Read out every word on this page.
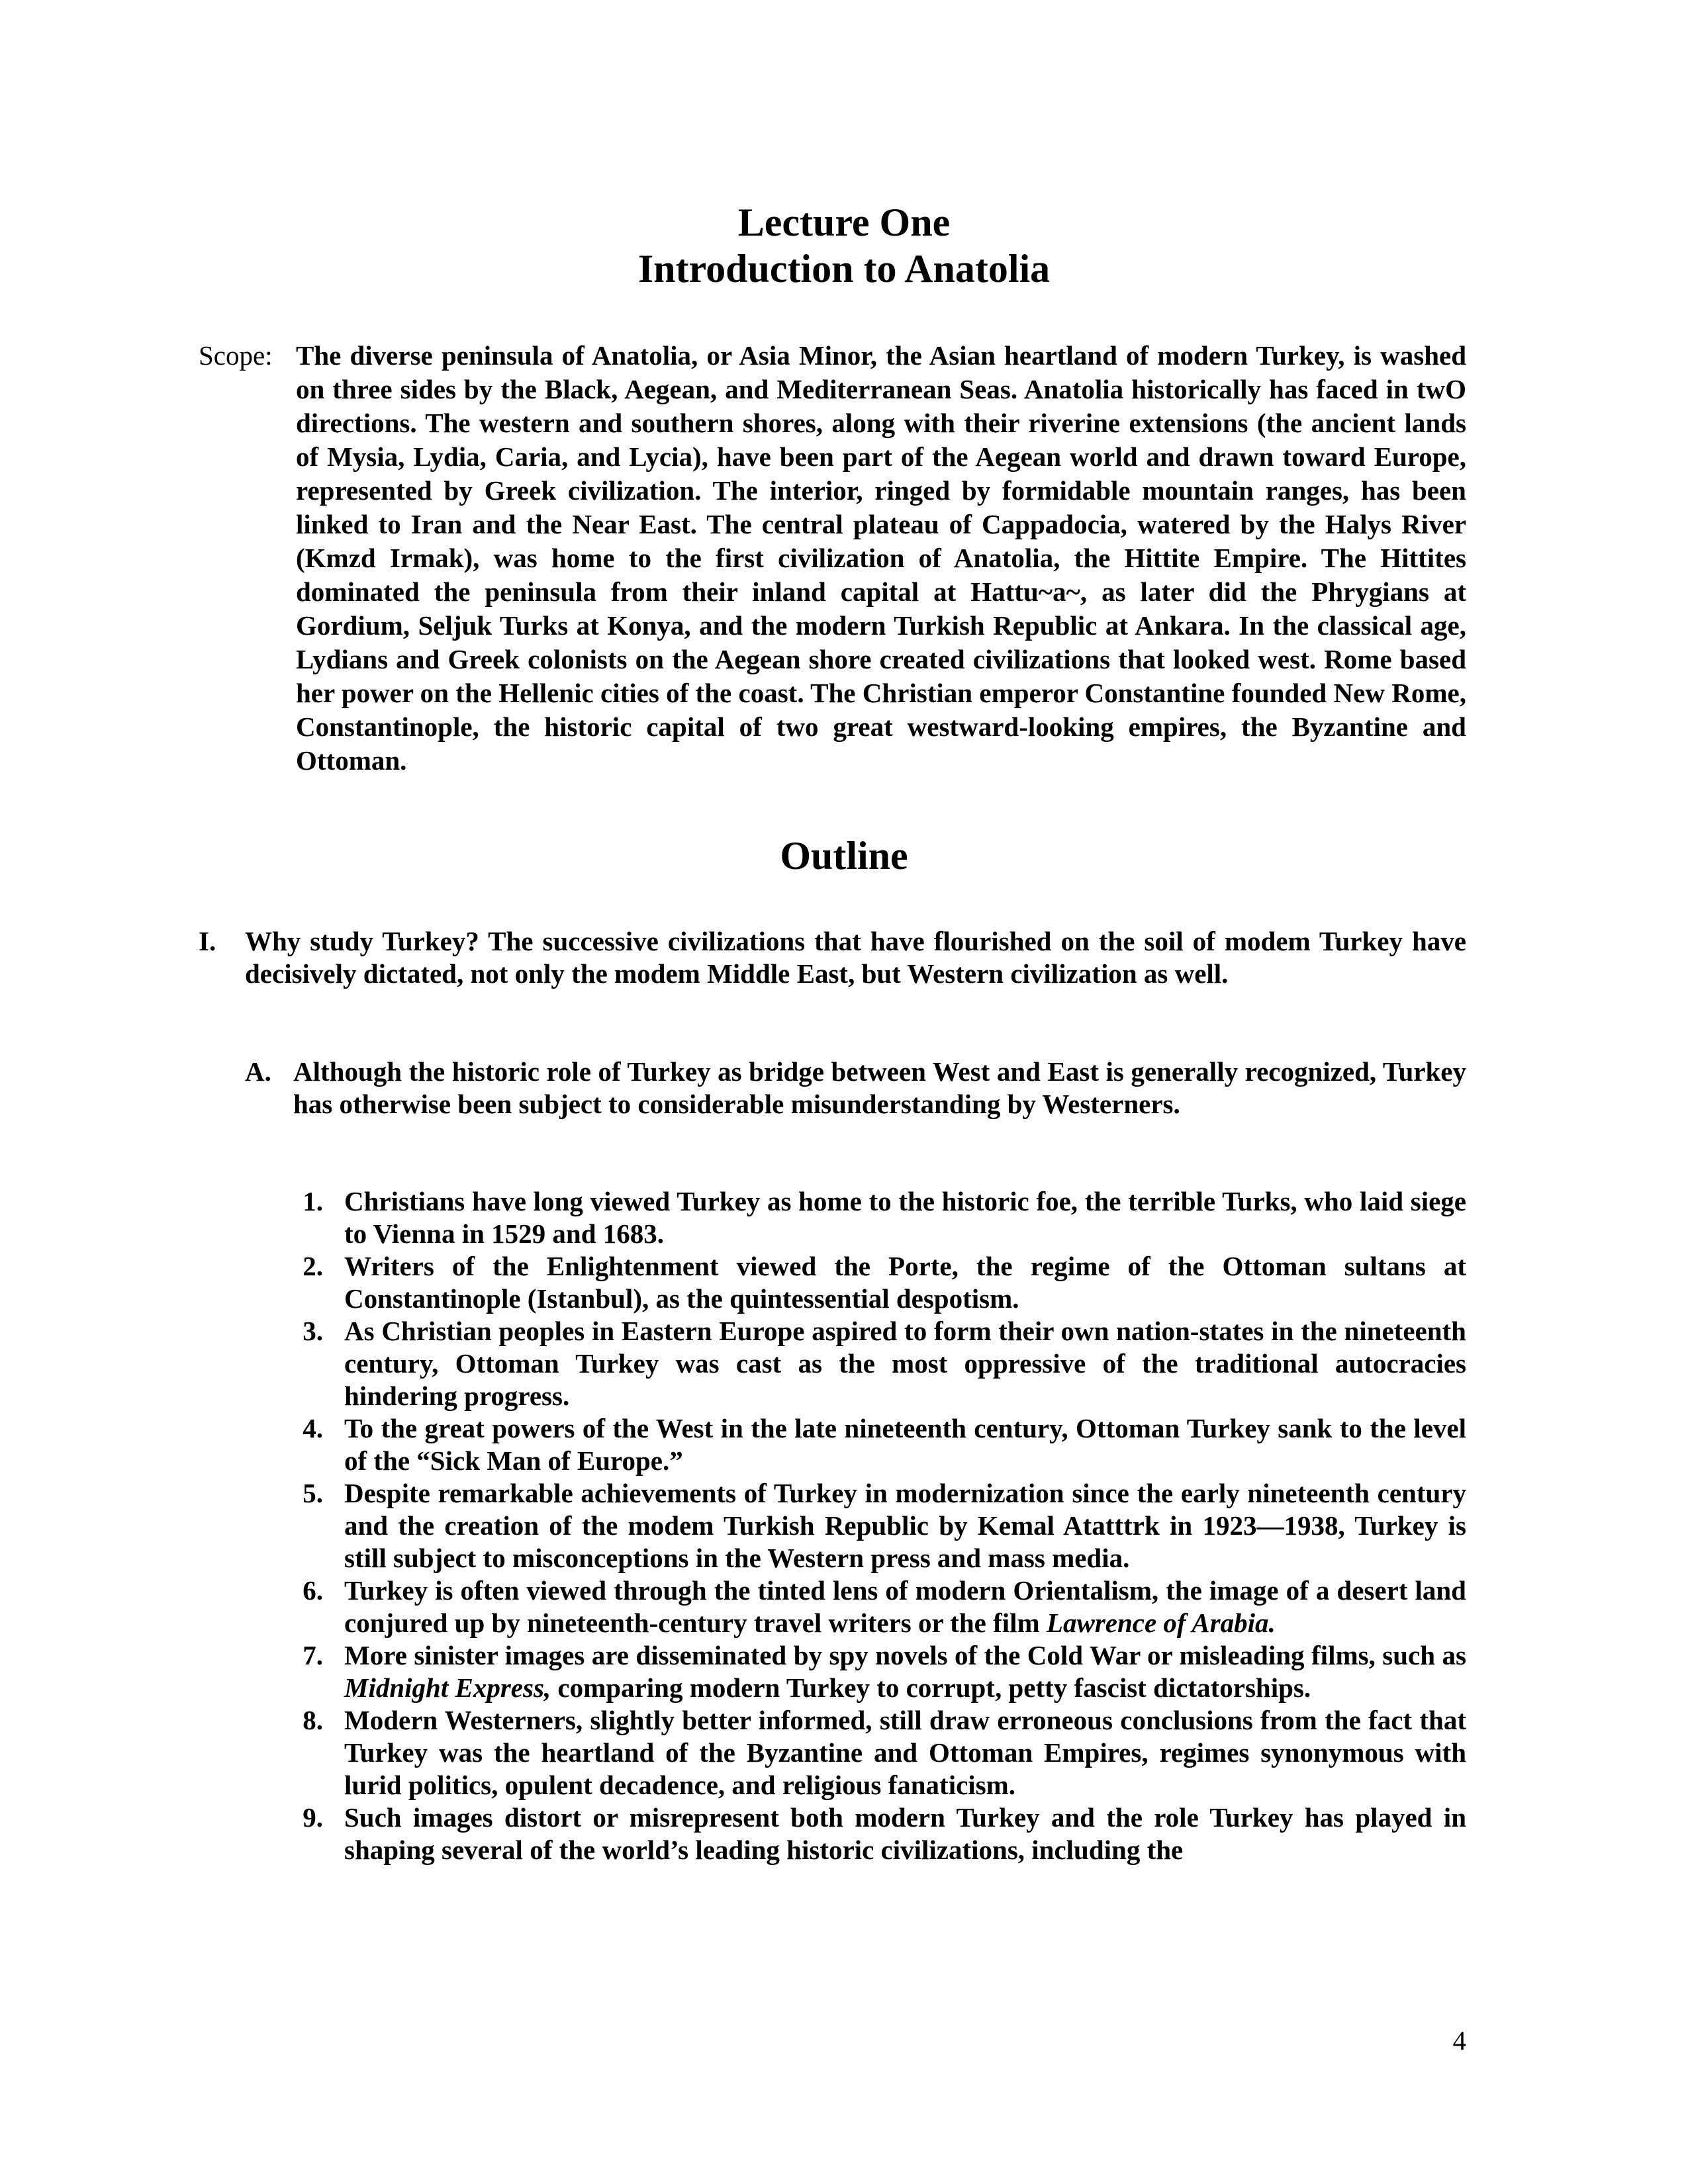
Lecture One
Introduction to Anatolia
Scope: The diverse peninsula of Anatolia, or Asia Minor, the Asian heartland of modern Turkey, is washed on three sides by the Black, Aegean, and Mediterranean Seas. Anatolia historically has faced in twO directions. The western and southern shores, along with their riverine extensions (the ancient lands of Mysia, Lydia, Caria, and Lycia), have been part of the Aegean world and drawn toward Europe, represented by Greek civilization. The interior, ringed by formidable mountain ranges, has been linked to Iran and the Near East. The central plateau of Cappadocia, watered by the Halys River (Kmzd Irmak), was home to the first civilization of Anatolia, the Hittite Empire. The Hittites dominated the peninsula from their inland capital at Hattu~a~, as later did the Phrygians at Gordium, Seljuk Turks at Konya, and the modern Turkish Republic at Ankara. In the classical age, Lydians and Greek colonists on the Aegean shore created civilizations that looked west. Rome based her power on the Hellenic cities of the coast. The Christian emperor Constantine founded New Rome, Constantinople, the historic capital of two great westward-looking empires, the Byzantine and Ottoman.

Outline
I.	Why study Turkey? The successive civilizations that have flourished on the soil of modem Turkey have decisively dictated, not only the modem Middle East, but Western civilization as well.

A. Although the historic role of Turkey as bridge between West and East is generally recognized, Turkey has otherwise been subject to considerable misunderstanding by Westerners.

1. Christians have long viewed Turkey as home to the historic foe, the terrible Turks, who laid siege to Vienna in 1529 and 1683.
2. Writers of the Enlightenment viewed the Porte, the regime of the Ottoman sultans at Constantinople (Istanbul), as the quintessential despotism.
3. As Christian peoples in Eastern Europe aspired to form their own nation-states in the nineteenth century, Ottoman Turkey was cast as the most oppressive of the traditional autocracies hindering progress.
4. To the great powers of the West in the late nineteenth century, Ottoman Turkey sank to the level of the “Sick Man of Europe.”
5. Despite remarkable achievements of Turkey in modernization since the early nineteenth century and the creation of the modem Turkish Republic by Kemal Atatttrk in 1923—1938, Turkey is still subject to misconceptions in the Western press and mass media.
6. Turkey is often viewed through the tinted lens of modern Orientalism, the image of a desert land conjured up by nineteenth-century travel writers or the film Lawrence of Arabia.
7. More sinister images are disseminated by spy novels of the Cold War or misleading films, such as Midnight Express, comparing modern Turkey to corrupt, petty fascist dictatorships.
8. Modern Westerners, slightly better informed, still draw erroneous conclusions from the fact that Turkey was the heartland of the Byzantine and Ottoman Empires, regimes synonymous with lurid politics, opulent decadence, and religious fanaticism.
9. Such images distort or misrepresent both modern Turkey and the role Turkey has played in shaping several of the world’s leading historic civilizations, including the
4
